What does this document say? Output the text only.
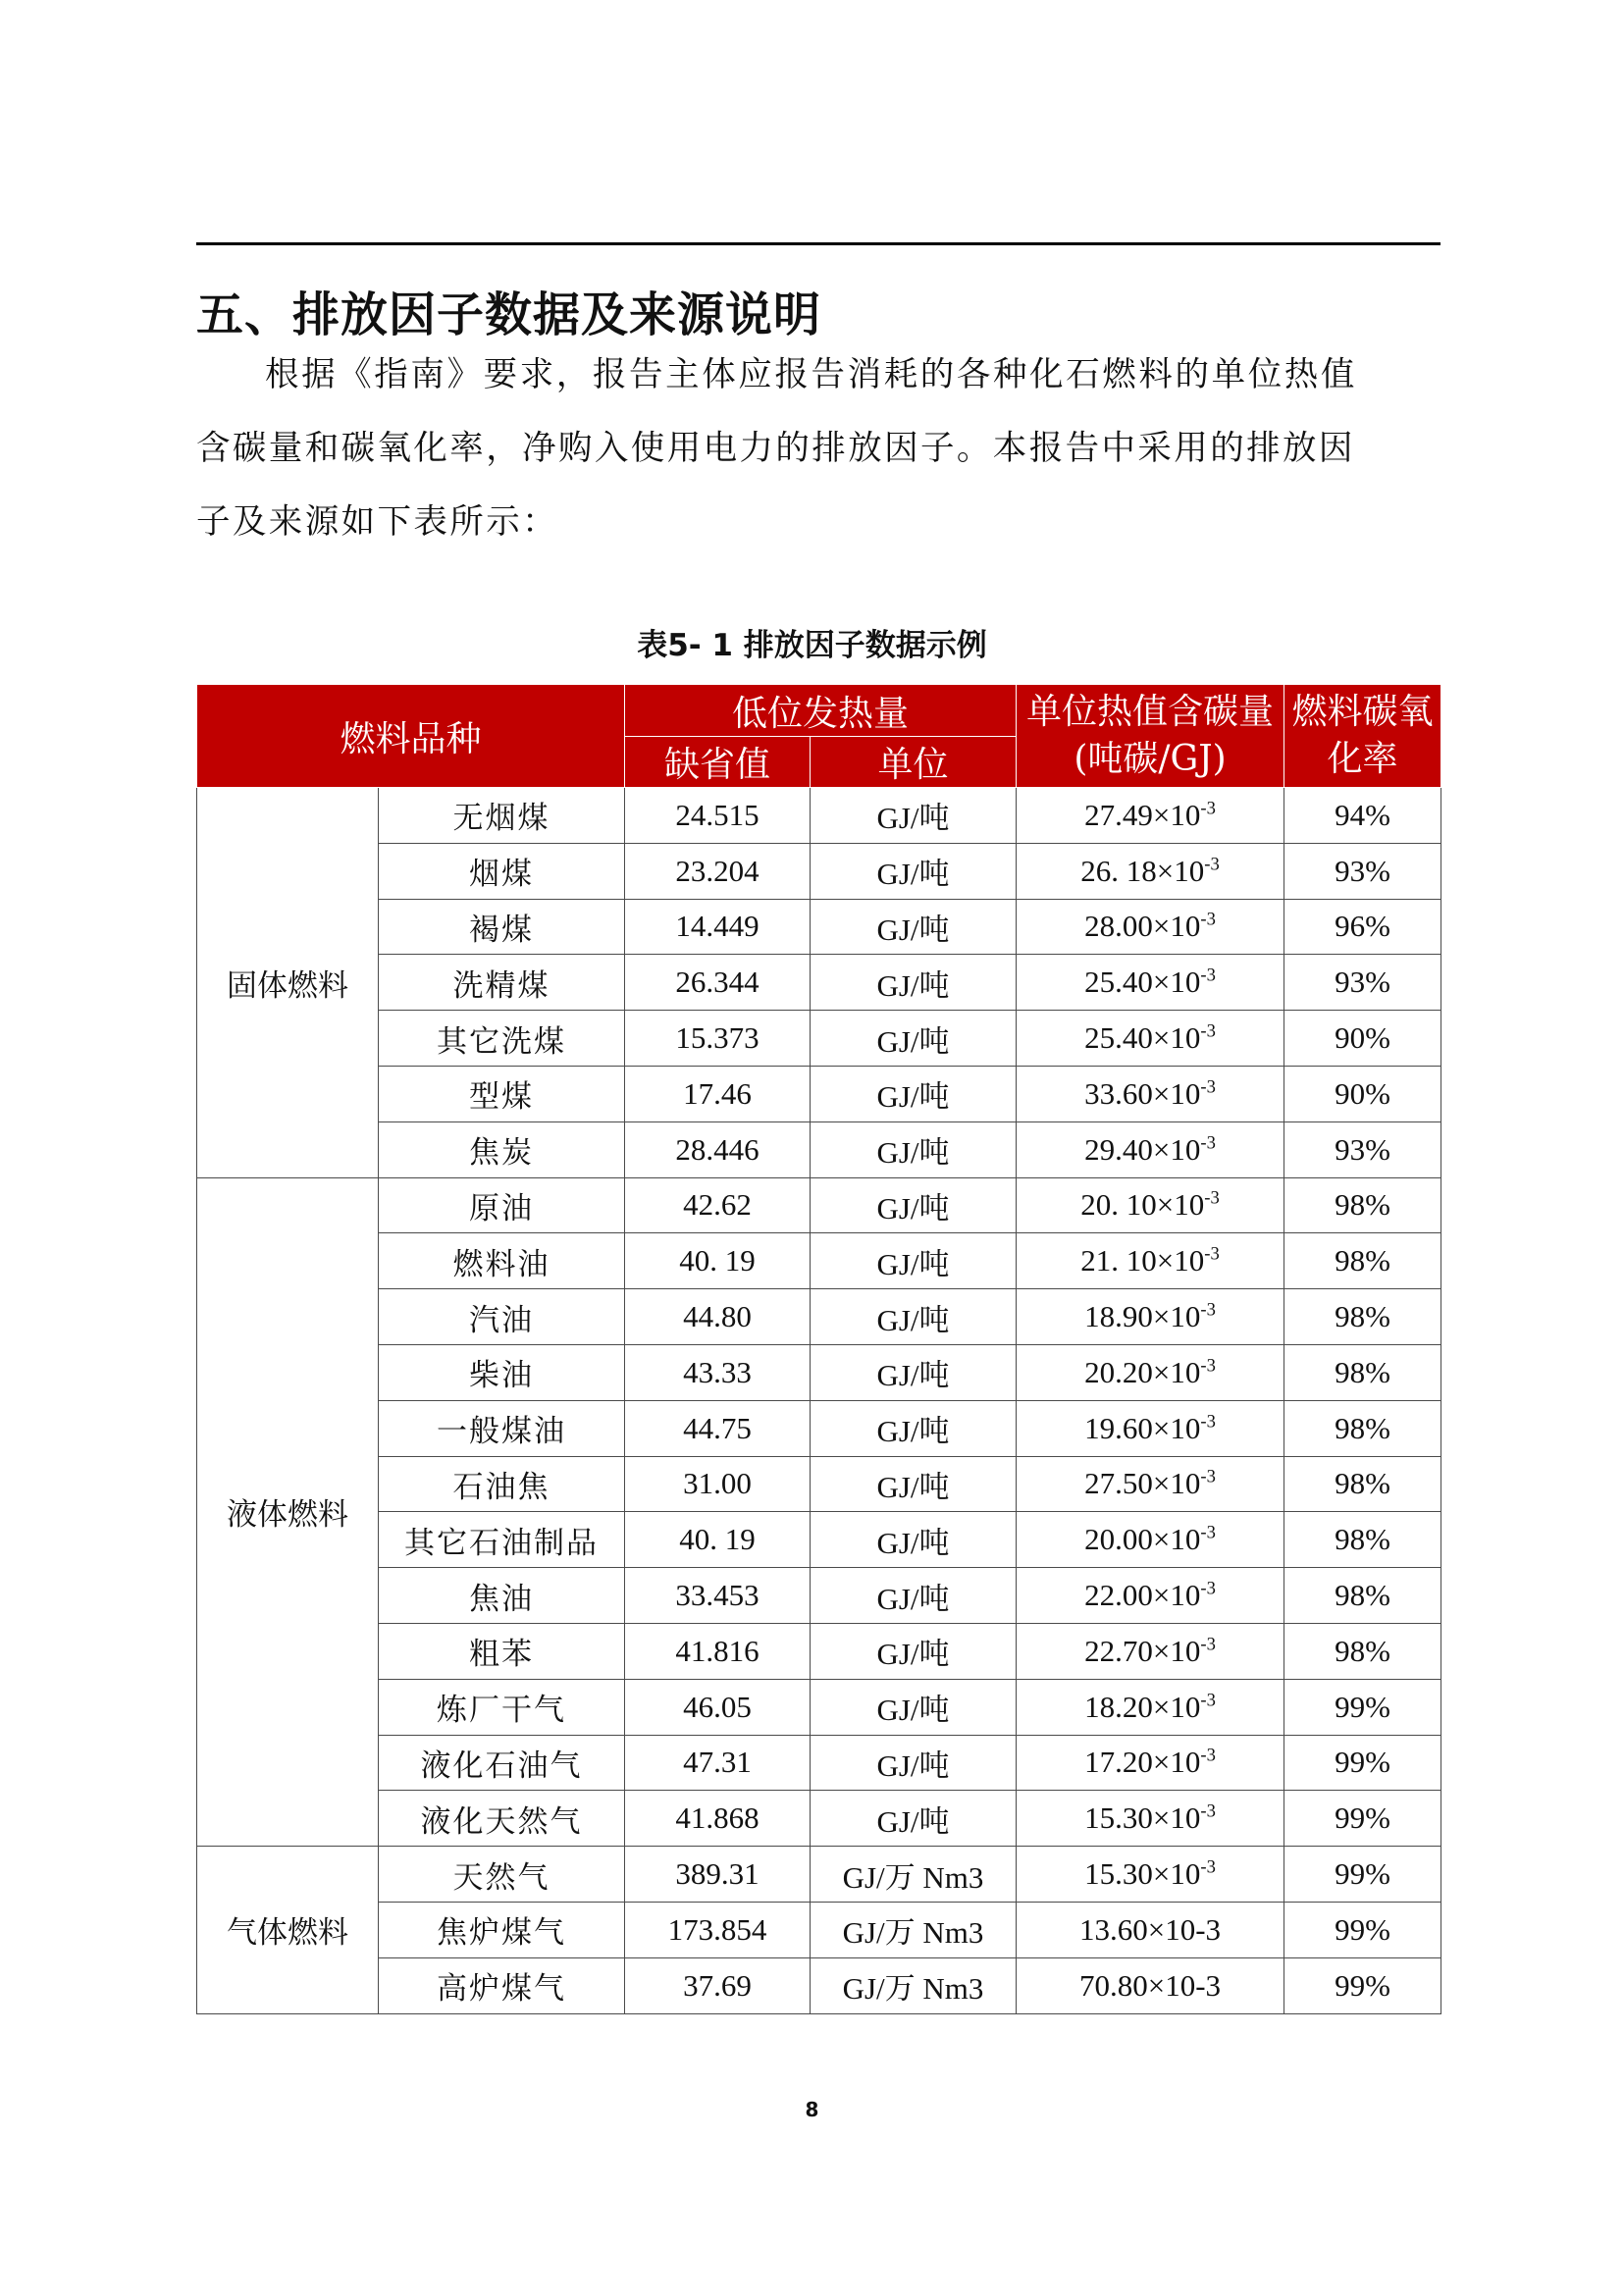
五、排放因子数据及来源说明
根据《指南》要求，报告主体应报告消耗的各种化石燃料的单位热值
含碳量和碳氧化率，净购入使用电力的排放因子。本报告中采用的排放因
子及来源如下表所示：
表5- 1 排放因子数据示例
燃料品种		低位发热量		单位热值含碳量 (吨碳/GJ)	燃料碳氧化率
		缺省值	单位		
固体燃料	无烟煤	24.515	GJ/吨	$27.49\times 10^{-3}$	94%
	烟煤	23.204	GJ/吨	26. $18\times 10^{-3}$	93%
	褐煤	14.449	GJ/吨	$28.00\times 10^{-3}$	96%
	洗精煤	26.344	GJ/吨	$25.40\times 10^{-3}$	93%
	其它洗煤	15.373	GJ/吨	$25.40\times 10^{-3}$	90%
	型煤	17.46	GJ/吨	$33.60\times 10^{-3}$	90%
	焦炭	28.446	GJ/吨	$29.40\times 10^{-3}$	93%
液体燃料	原油	42.62	GJ/吨	20. $10\times 10^{-3}$	98%
	燃料油	40. 19	GJ/吨	21. $10\times 10^{-3}$	98%
	汽油	44.80	GJ/吨	$18.90\times 10^{-3}$	98%
	柴油	43.33	GJ/吨	$20.20\times 10^{-3}$	98%
	一般煤油	44.75	GJ/吨	$19.60\times 10^{-3}$	98%
	石油焦	31.00	GJ/吨	$27.50\times 10^{-3}$	98%
	其它石油制品	40. 19	GJ/吨	$20.00\times 10^{-3}$	98%
	焦油	33.453	GJ/吨	$22.00\times 10^{-3}$	98%
	粗苯	41.816	GJ/吨	$22.70\times 10^{-3}$	98%
	炼厂干气	46.05	GJ/吨	$18.20\times 10^{-3}$	99%
	液化石油气	47.31	GJ/吨	$17.20\times 10^{-3}$	99%
	液化天然气	41.868	GJ/吨	$15.30\times 10^{-3}$	99%
气体燃料	天然气	389.31	GJ/万 Nm3	$15.30\times 10^{-3}$	99%
	焦炉煤气	173.854	GJ/万 Nm3	13.60×10-3	99%
	高炉煤气	37.69	GJ/万 Nm3	70.80×10-3	99%
8
